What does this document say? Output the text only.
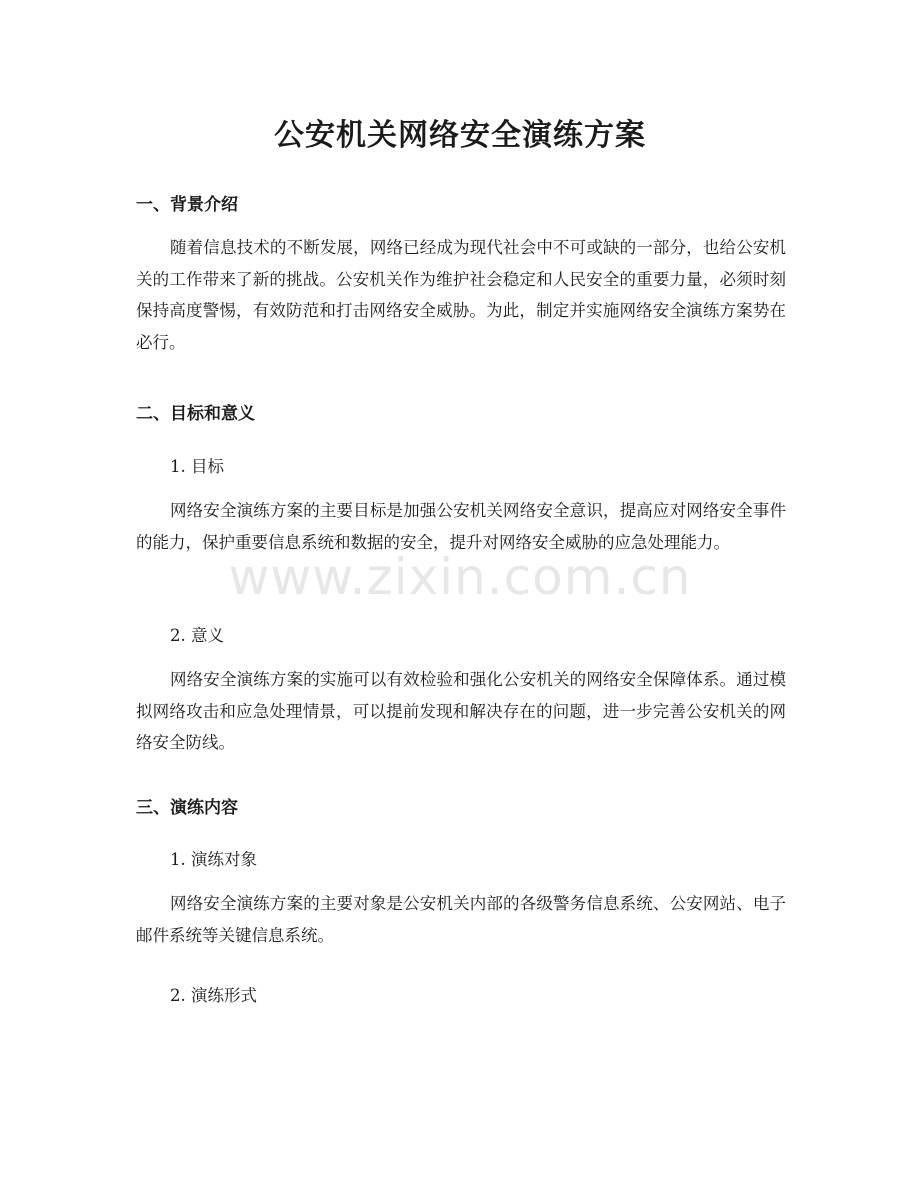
公安机关网络安全演练方案
一、背景介绍

随着信息技术的不断发展，网络已经成为现代社会中不可或缺的一部分，也给公安机关的工作带来了新的挑战。公安机关作为维护社会稳定和人民安全的重要力量，必须时刻保持高度警惕，有效防范和打击网络安全威胁。为此，制定并实施网络安全演练方案势在必行。

二、目标和意义

1. 目标

网络安全演练方案的主要目标是加强公安机关网络安全意识，提高应对网络安全事件的能力，保护重要信息系统和数据的安全，提升对网络安全威胁的应急处理能力。

2. 意义

网络安全演练方案的实施可以有效检验和强化公安机关的网络安全保障体系。通过模拟网络攻击和应急处理情景，可以提前发现和解决存在的问题，进一步完善公安机关的网络安全防线。

三、演练内容

1. 演练对象

网络安全演练方案的主要对象是公安机关内部的各级警务信息系统、公安网站、电子邮件系统等关键信息系统。

2. 演练形式

www.zixin.com.cn
